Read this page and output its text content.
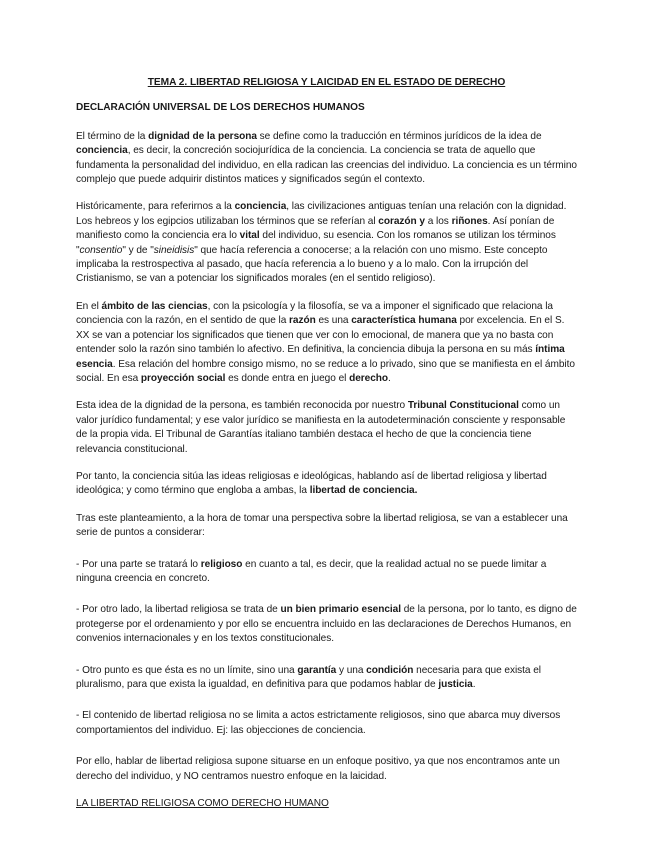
TEMA 2. LIBERTAD RELIGIOSA Y LAICIDAD EN EL ESTADO DE DERECHO
DECLARACIÓN UNIVERSAL DE LOS DERECHOS HUMANOS

El término de la dignidad de la persona se define como la traducción en términos jurídicos de la idea de conciencia, es decir, la concreción sociojurídica de la conciencia. La conciencia se trata de aquello que fundamenta la personalidad del individuo, en ella radican las creencias del individuo. La conciencia es un término complejo que puede adquirir distintos matices y significados según el contexto.

Históricamente, para referirnos a la conciencia, las civilizaciones antiguas tenían una relación con la dignidad. Los hebreos y los egipcios utilizaban los términos que se referían al corazón y a los riñones. Así ponían de manifiesto como la conciencia era lo vital del individuo, su esencia. Con los romanos se utilizan los términos "consentio" y de "sineidisis" que hacía referencia a conocerse; a la relación con uno mismo. Este concepto implicaba la restrospectiva al pasado, que hacía referencia a lo bueno y a lo malo. Con la irrupción del Cristianismo, se van a potenciar los significados morales (en el sentido religioso).

En el ámbito de las ciencias, con la psicología y la filosofía, se va a imponer el significado que relaciona la conciencia con la razón, en el sentido de que la razón es una característica humana por excelencia. En el S. XX se van a potenciar los significados que tienen que ver con lo emocional, de manera que ya no basta con entender solo la razón sino también lo afectivo. En definitiva, la conciencia dibuja la persona en su más íntima esencia. Esa relación del hombre consigo mismo, no se reduce a lo privado, sino que se manifiesta en el ámbito social. En esa proyección social es donde entra en juego el derecho.

Esta idea de la dignidad de la persona, es también reconocida por nuestro Tribunal Constitucional como un valor jurídico fundamental; y ese valor jurídico se manifiesta en la autodeterminación consciente y responsable de la propia vida. El Tribunal de Garantías italiano también destaca el hecho de que la conciencia tiene relevancia constitucional.

Por tanto, la conciencia sitúa las ideas religiosas e ideológicas, hablando así de libertad religiosa y libertad ideológica; y como término que engloba a ambas, la libertad de conciencia.

Tras este planteamiento, a la hora de tomar una perspectiva sobre la libertad religiosa, se van a establecer una serie de puntos a considerar:

- Por una parte se tratará lo religioso en cuanto a tal, es decir, que la realidad actual no se puede limitar a ninguna creencia en concreto.

- Por otro lado, la libertad religiosa se trata de un bien primario esencial de la persona, por lo tanto, es digno de protegerse por el ordenamiento y por ello se encuentra incluido en las declaraciones de Derechos Humanos, en convenios internacionales y en los textos constitucionales.

- Otro punto es que ésta es no un límite, sino una garantía y una condición necesaria para que exista el pluralismo, para que exista la igualdad, en definitiva para que podamos hablar de justicia.

- El contenido de libertad religiosa no se limita a actos estrictamente religiosos, sino que abarca muy diversos comportamientos del individuo. Ej: las objecciones de conciencia.

Por ello, hablar de libertad religiosa supone situarse en un enfoque positivo, ya que nos encontramos ante un derecho del individuo, y NO centramos nuestro enfoque en la laicidad.

LA LIBERTAD RELIGIOSA COMO DERECHO HUMANO
